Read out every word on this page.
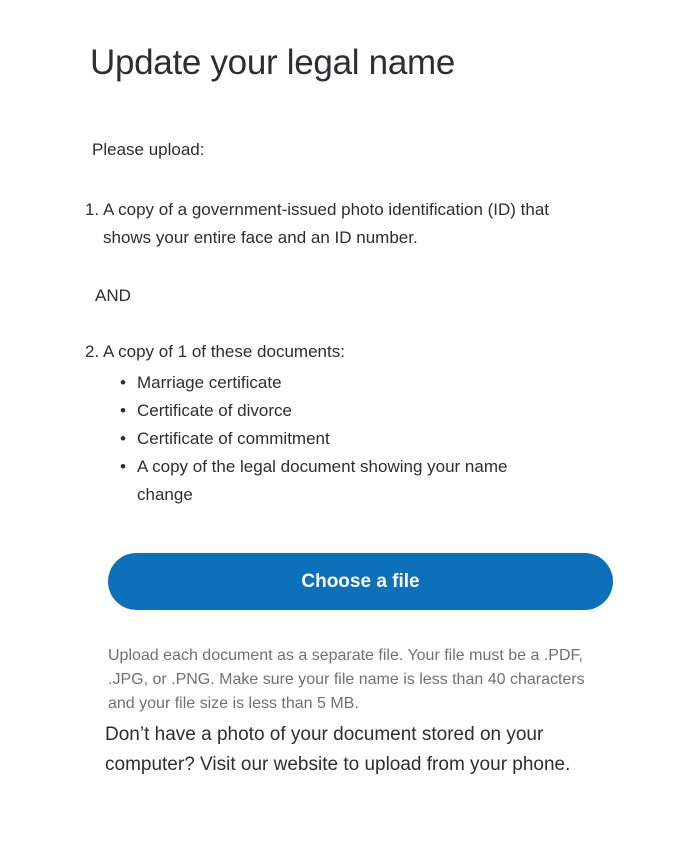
Update your legal name

Please upload:

1. A copy of a government-issued photo identification (ID) that shows your entire face and an ID number.

AND

2. A copy of 1 of these documents:
• Marriage certificate
• Certificate of divorce
• Certificate of commitment
• A copy of the legal document showing your name change
Choose a file

Upload each document as a separate file. Your file must be a .PDF, .JPG, or .PNG. Make sure your file name is less than 40 characters and your file size is less than 5 MB.

Don’t have a photo of your document stored on your computer? Visit our website to upload from your phone.
